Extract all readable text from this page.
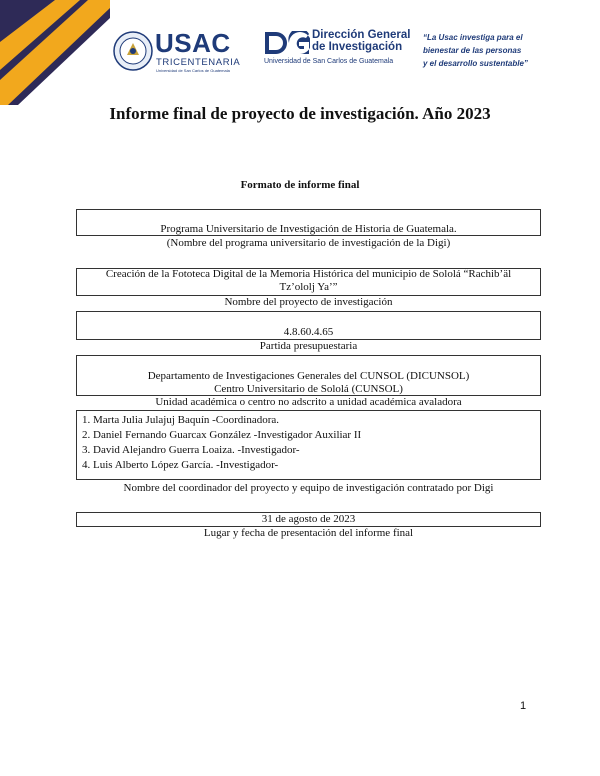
USAC
TRICENTENARIA
Universidad de San Carlos de Guatemala
Dirección General
de Investigación
Universidad de San Carlos de Guatemala
“La Usac investiga para el
bienestar de las personas
y el desarrollo sustentable”
Informe final de proyecto de investigación. Año 2023
Formato de informe final
Programa Universitario de Investigación de Historia de Guatemala.
(Nombre del programa universitario de investigación de la Digi)
Creación de la Fototeca Digital de la Memoria Histórica del municipio de Sololá “Rachib’äl
Tz’ololj Ya’”
Nombre del proyecto de investigación
4.8.60.4.65
Partida presupuestaria
Departamento de Investigaciones Generales del CUNSOL (DICUNSOL)
Centro Universitario de Sololá (CUNSOL)
Unidad académica o centro no adscrito a unidad académica avaladora
1. Marta Julia Julajuj Baquín -Coordinadora.
2. Daniel Fernando Guarcax González -Investigador Auxiliar II
3. David Alejandro Guerra Loaiza. -Investigador-
4. Luis Alberto López García. -Investigador-
Nombre del coordinador del proyecto y equipo de investigación contratado por Digi
31 de agosto de 2023
Lugar y fecha de presentación del informe final
1
